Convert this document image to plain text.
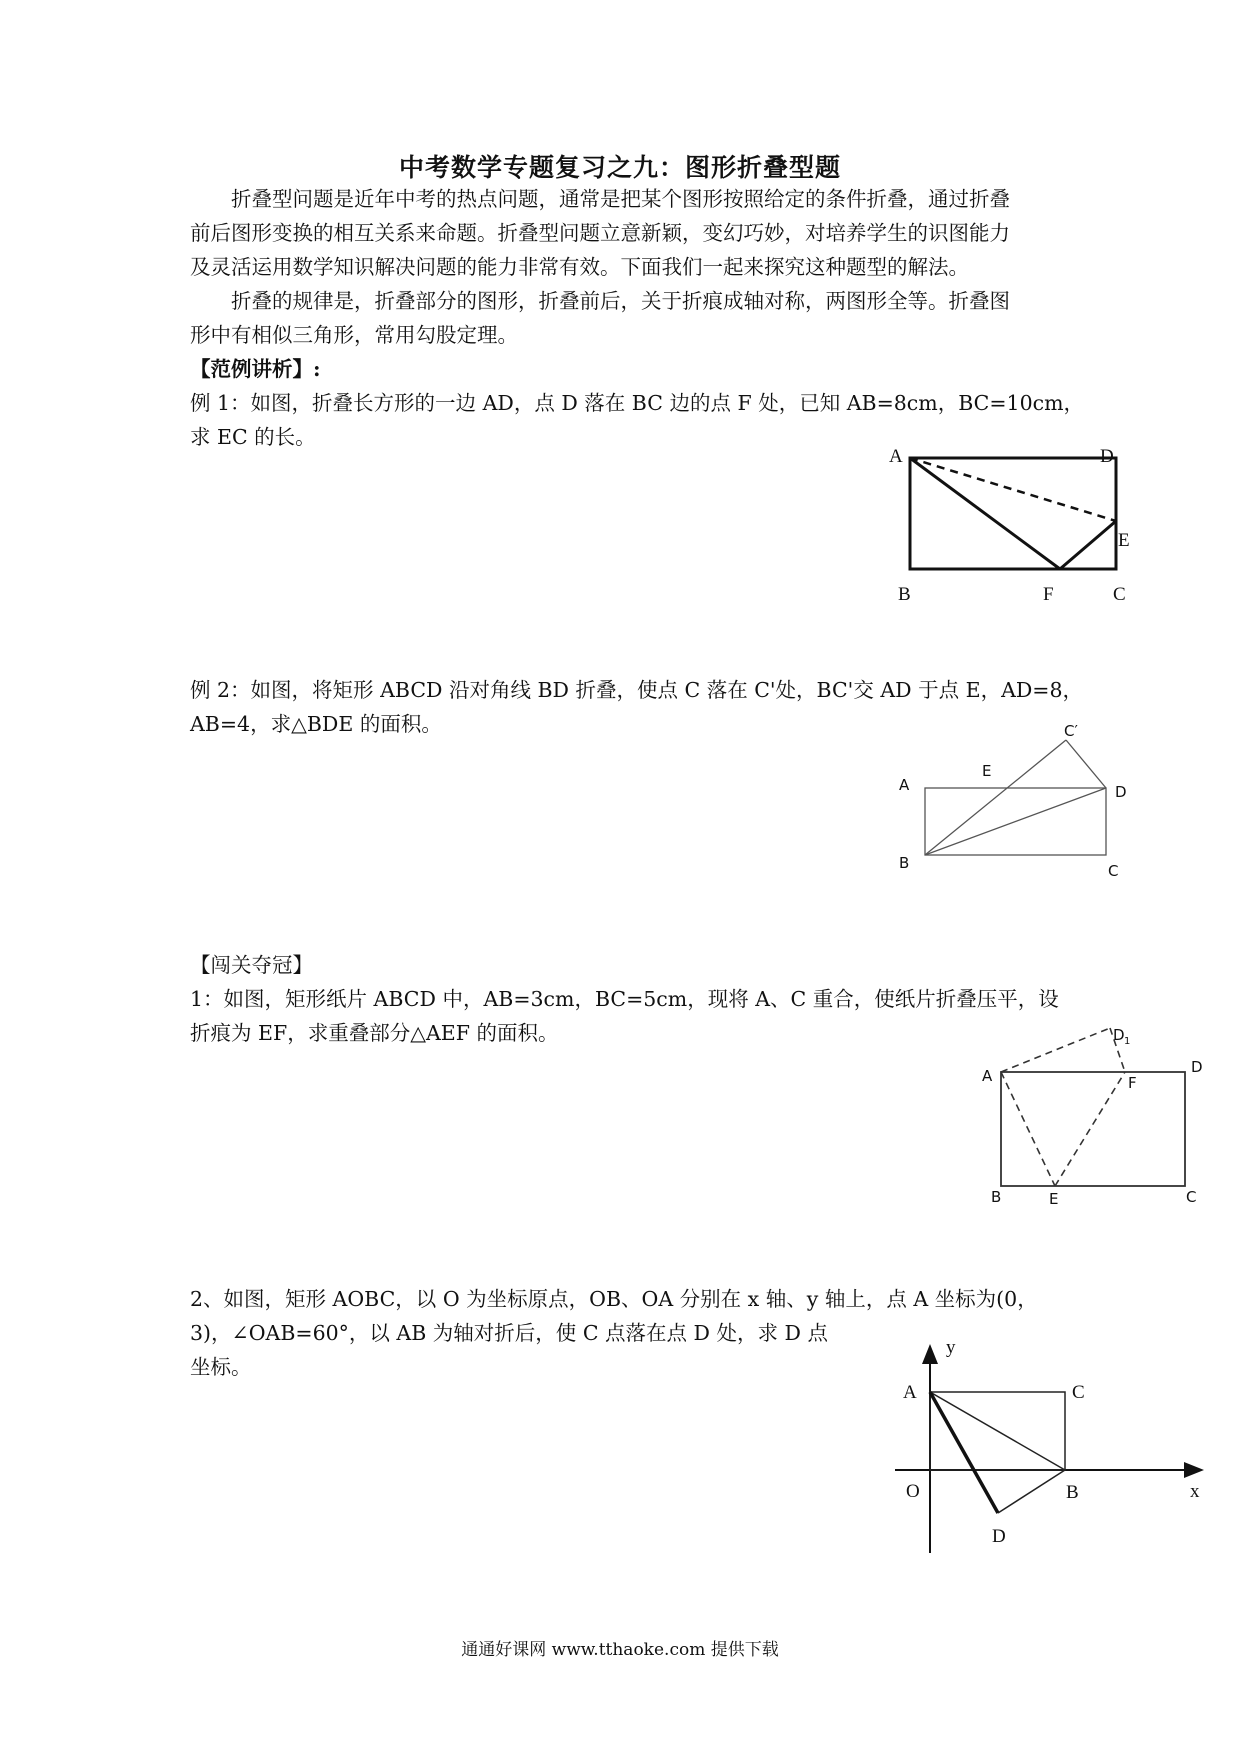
中考数学专题复习之九：图形折叠型题
　　折叠型问题是近年中考的热点问题，通常是把某个图形按照给定的条件折叠，通过折叠
前后图形变换的相互关系来命题。折叠型问题立意新颖，变幻巧妙，对培养学生的识图能力
及灵活运用数学知识解决问题的能力非常有效。下面我们一起来探究这种题型的解法。
　　折叠的规律是，折叠部分的图形，折叠前后，关于折痕成轴对称，两图形全等。折叠图
形中有相似三角形，常用勾股定理。
【范例讲析】:
例 1：如图，折叠长方形的一边 AD，点 D 落在 BC 边的点 F 处，已知 AB=8cm，BC=10cm，
求 EC 的长。
A	D
E
B	F	C
例 2：如图，将矩形 ABCD 沿对角线 BD 折叠，使点 C 落在 C'处，BC'交 AD 于点 E，AD=8，
AB=4，求△BDE 的面积。
A
E
C′
D
B	C
【闯关夺冠】
1：如图，矩形纸片 ABCD 中，AB=3cm，BC=5cm，现将 A、C 重合，使纸片折叠压平，设
折痕为 EF，求重叠部分△AEF 的面积。
A
D 1
D
F
B	E	C
2、如图，矩形 AOBC，以 O 为坐标原点，OB、OA 分别在 x 轴、y 轴上，点 A 坐标为(0，
3)，∠OAB=60°，以 AB 为轴对折后，使 C 点落在点 D 处，求 D 点
坐标。
y
A	C
O	B	x
D
通通好课网 www.tthaoke.com 提供下载
